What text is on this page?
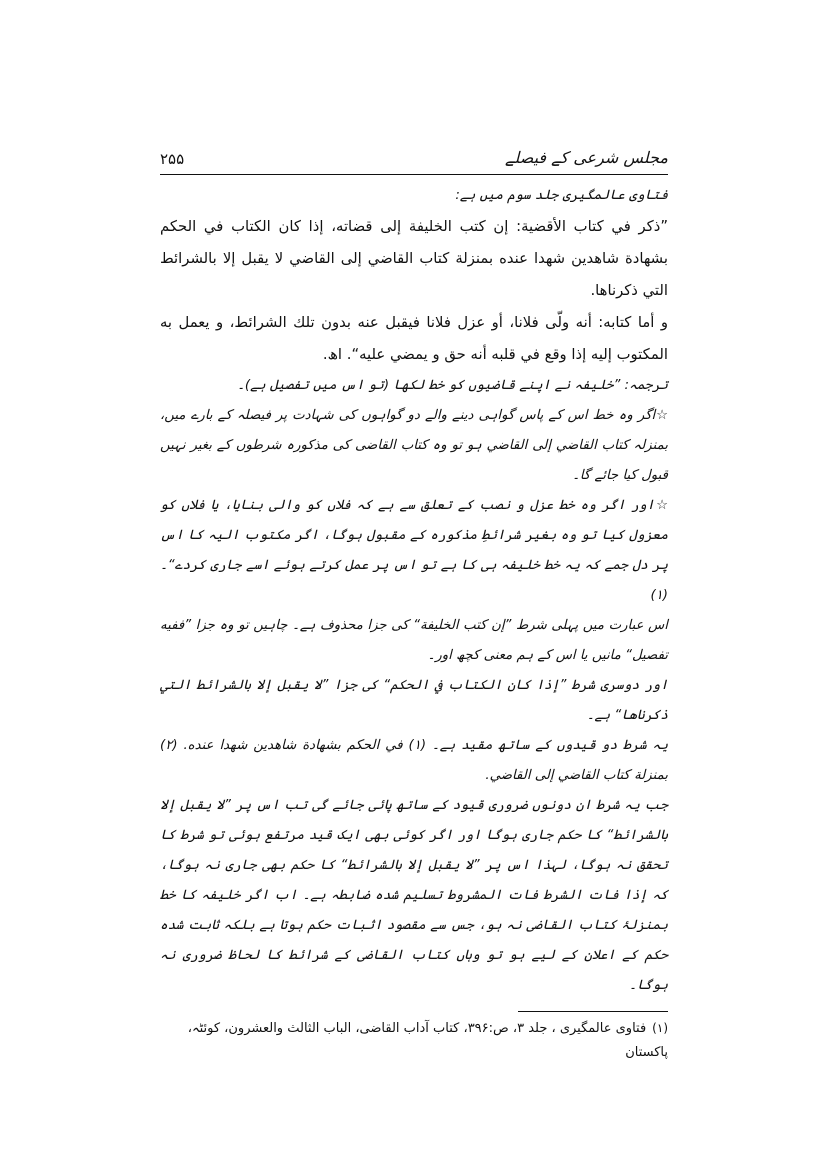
مجلس شرعی کے فیصلے
۲۵۵

فتاوی عالمگیری جلد سوم میں ہے:

”ذكر في كتاب الأقضية: إن كتب الخليفة إلى قضاته، إذا كان الكتاب في الحكم بشهادة شاهدين شهدا عنده بمنزلة كتاب القاضي إلى القاضي لا يقبل إلا بالشرائط التي ذكرناها.

و أما كتابه: أنه ولّى فلانا، أو عزل فلانا فيقبل عنه بدون تلك الشرائط، و يعمل به المكتوب إليه إذا وقع في قلبه أنه حق و يمضي عليه“. اھ.

ترجمہ: ”خلیفہ نے اپنے قاضیوں کو خط لکھا (تو اس میں تفصیل ہے)۔

☆اگر وہ خط اس کے پاس گواہی دینے والے دو گواہوں کی شہادت پر فیصلہ کے بارے میں، بمنزلہ كتاب القاضي إلى القاضي ہو تو وہ کتاب القاضی کی مذکورہ شرطوں کے بغیر نہیں قبول کیا جائے گا۔

☆اور اگر وہ خط عزل و نصب کے تعلق سے ہے کہ فلاں کو والی بنایا، یا فلاں کو معزول کیا تو وہ بغیر شرائطِ مذکورہ کے مقبول ہوگا، اگر مکتوب الیہ کا اس پر دل جمے کہ یہ خط خلیفہ ہی کا ہے تو اس پر عمل کرتے ہوئے اسے جاری کردے“۔(۱)

اس عبارت میں پہلی شرط ”إن كتب الخليفة“ کی جزا محذوف ہے۔ چاہیں تو وہ جزا ”ففيه تفصيل“ مانیں یا اس کے ہم معنی کچھ اور۔

اور دوسری شرط ”إذا كان الكتاب في الحكم“ کی جزا ”لا يقبل إلا بالشرائط التي ذكرناها“ ہے۔

یہ شرط دو قیدوں کے ساتھ مقید ہے۔ (۱) في الحكم بشهادة شاهدين شهدا عنده. (۲) بمنزلة كتاب القاضي إلى القاضي.

جب یہ شرط ان دونوں ضروری قیود کے ساتھ پائی جائے گی تب اس پر ”لا يقبل إلا بالشرائط“ کا حکم جاری ہوگا اور اگر کوئی بھی ایک قید مرتفع ہوئی تو شرط کا تحقق نہ ہوگا، لہذا اس پر ”لا يقبل إلا بالشرائط“ کا حکم بھی جاری نہ ہوگا، کہ إذا فات الشرط فات المشروط تسلیم شدہ ضابطہ ہے۔ اب اگر خلیفہ کا خط بمنزلۂ کتاب القاضی نہ ہو، جس سے مقصود اثبات حکم ہوتا ہے بلکہ ثابت شدہ حکم کے اعلان کے لیے ہو تو وہاں کتاب القاضی کے شرائط کا لحاظ ضروری نہ ہوگا۔

(۱)فتاوی عالمگیری ، جلد ۳، ص:۳۹۶، کتاب آداب القاضی، الباب الثالث والعشرون، کوئٹہ، پاکستان
